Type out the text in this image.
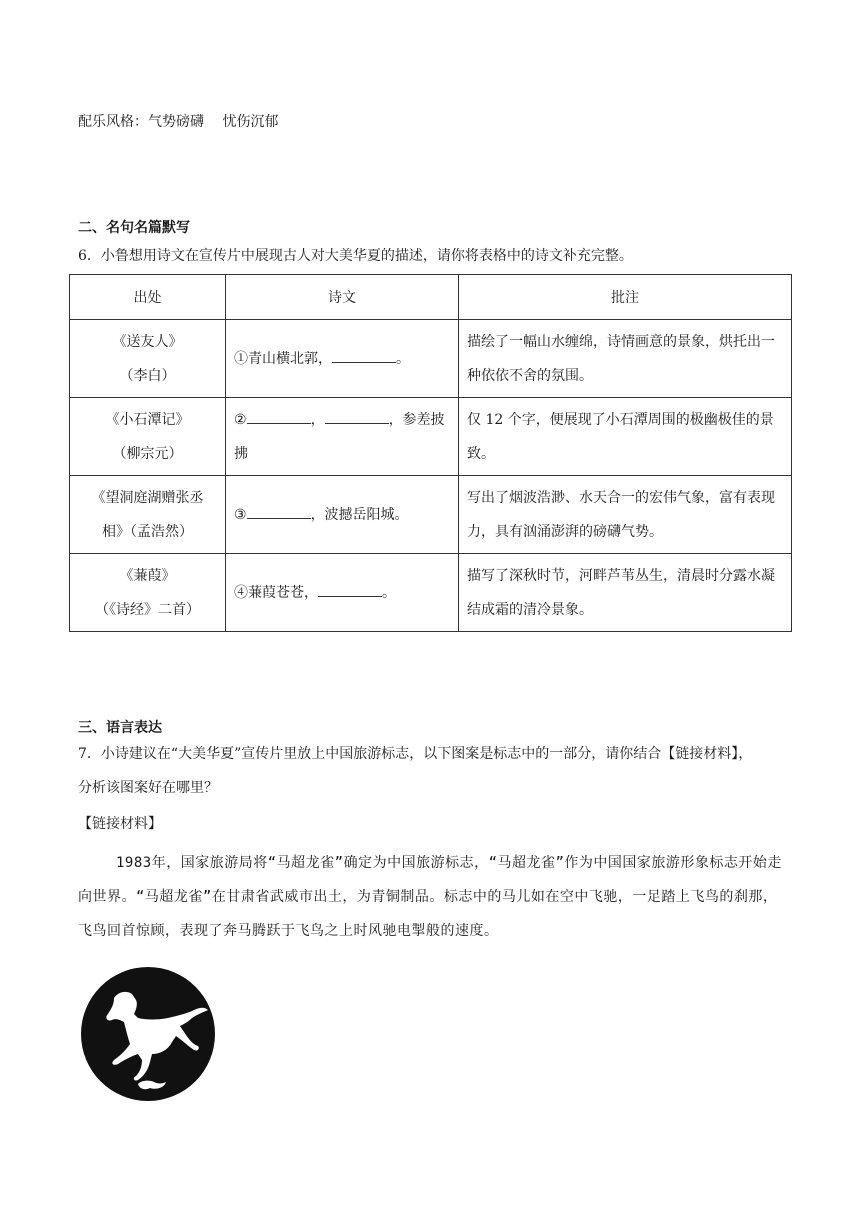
配乐风格：气势磅礴　 忧伤沉郁
二、名句名篇默写
6．小鲁想用诗文在宣传片中展现古人对大美华夏的描述，请你将表格中的诗文补充完整。
出处	诗文	批注

《送友人》
（李白）	①青山横北郭， 。	描绘了一幅山水缠绵，诗情画意的景象，烘托出一种依依不舍的氛围。

《小石潭记》
（柳宗元）	② ， ，参差披拂	仅 12 个字，便展现了小石潭周围的极幽极佳的景致。

《望洞庭湖赠张丞
相》（孟浩然）	③ ，波撼岳阳城。	写出了烟波浩渺、水天合一的宏伟气象，富有表现力，具有汹涌澎湃的磅礴气势。

《蒹葭》
（《诗经》二首）	④蒹葭苍苍， 。	描写了深秋时节，河畔芦苇丛生，清晨时分露水凝结成霜的清冷景象。
三、语言表达
7．小诗建议在“大美华夏”宣传片里放上中国旅游标志，以下图案是标志中的一部分，请你结合【链接材料】，
分析该图案好在哪里？
【链接材料】
1983年，国家旅游局将“马超龙雀”确定为中国旅游标志，“马超龙雀”作为中国国家旅游形象标志开始走向世界。“马超龙雀”在甘肃省武威市出土，为青铜制品。标志中的马儿如在空中飞驰，一足踏上飞鸟的刹那，飞鸟回首惊顾，表现了奔马腾跃于飞鸟之上时风驰电掣般的速度。
